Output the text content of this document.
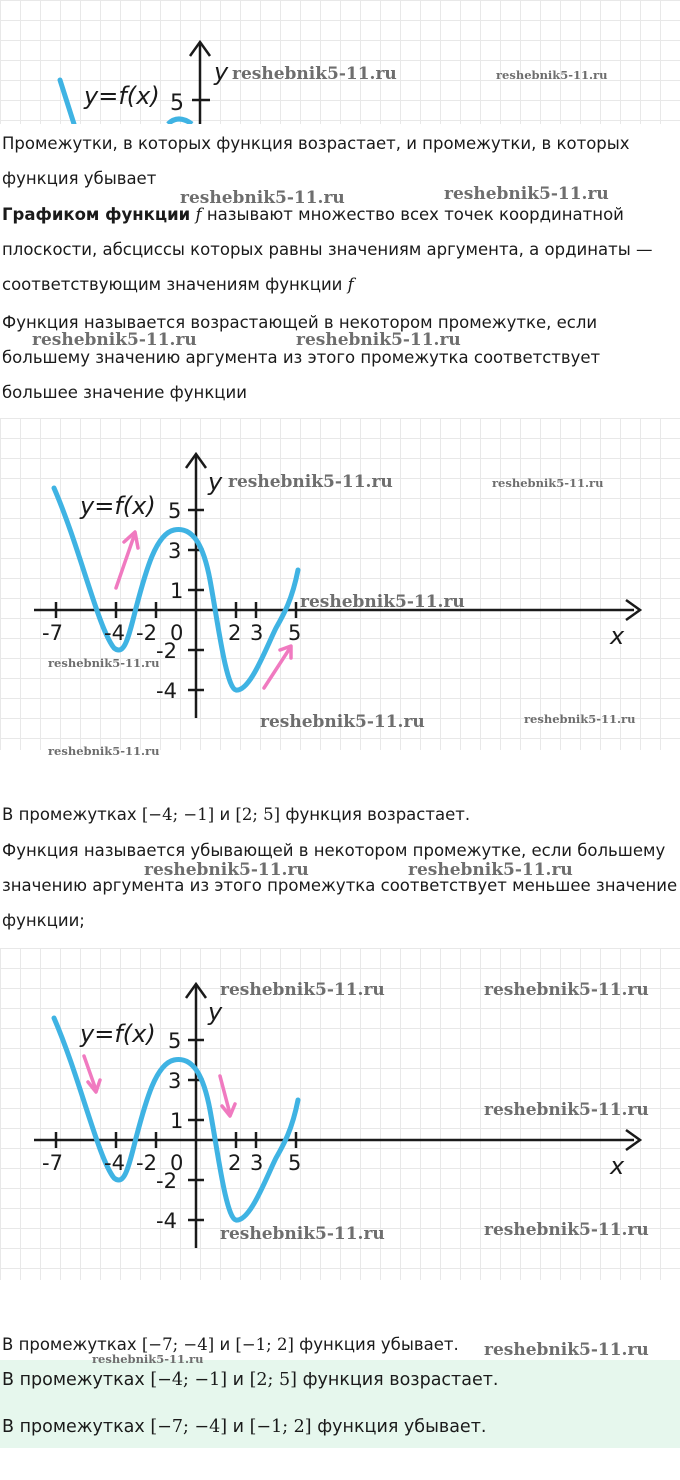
5
y
y=f(x)
reshebnik5-11.ru	reshebnik5-11.ru

Промежутки, в которых функция возрастает, и промежутки, в которых функция убывает

Графиком функции f называют множество всех точек координатной плоскости, абсциссы которых равны значениям аргумента, а ординаты — соответствующим значениям функции f

Функция называется возрастающей в некотором промежутке, если большему значению аргумента из этого промежутка соответствует большее значение функции

reshebnik5-11.ru	reshebnik5-11.ru
reshebnik5-11.ru	reshebnik5-11.ru
y=f(x)
y
x
-7 -4 -2 0 2 3 5
5
3
1
-2
-4
reshebnik5-11.ru	reshebnik5-11.ru
reshebnik5-11.ru
reshebnik5-11.ru
reshebnik5-11.ru	reshebnik5-11.ru
reshebnik5-11.ru

В промежутках [−4; −1] и [2; 5] функция возрастает.

Функция называется убывающей в некотором промежутке, если большему значению аргумента из этого промежутка соответствует меньшее значение функции;

reshebnik5-11.ru	reshebnik5-11.ru
y=f(x)
y
x
-7 -4 -2 0 2 3 5
5
3
1
-2
-4
reshebnik5-11.ru	reshebnik5-11.ru
reshebnik5-11.ru
reshebnik5-11.ru	reshebnik5-11.ru

В промежутках [−7; −4] и [−1; 2] функция убывает.	reshebnik5-11.ru
reshebnik5-11.ru

В промежутках [−4; −1] и [2; 5] функция возрастает.

В промежутках [−7; −4] и [−1; 2] функция убывает.
